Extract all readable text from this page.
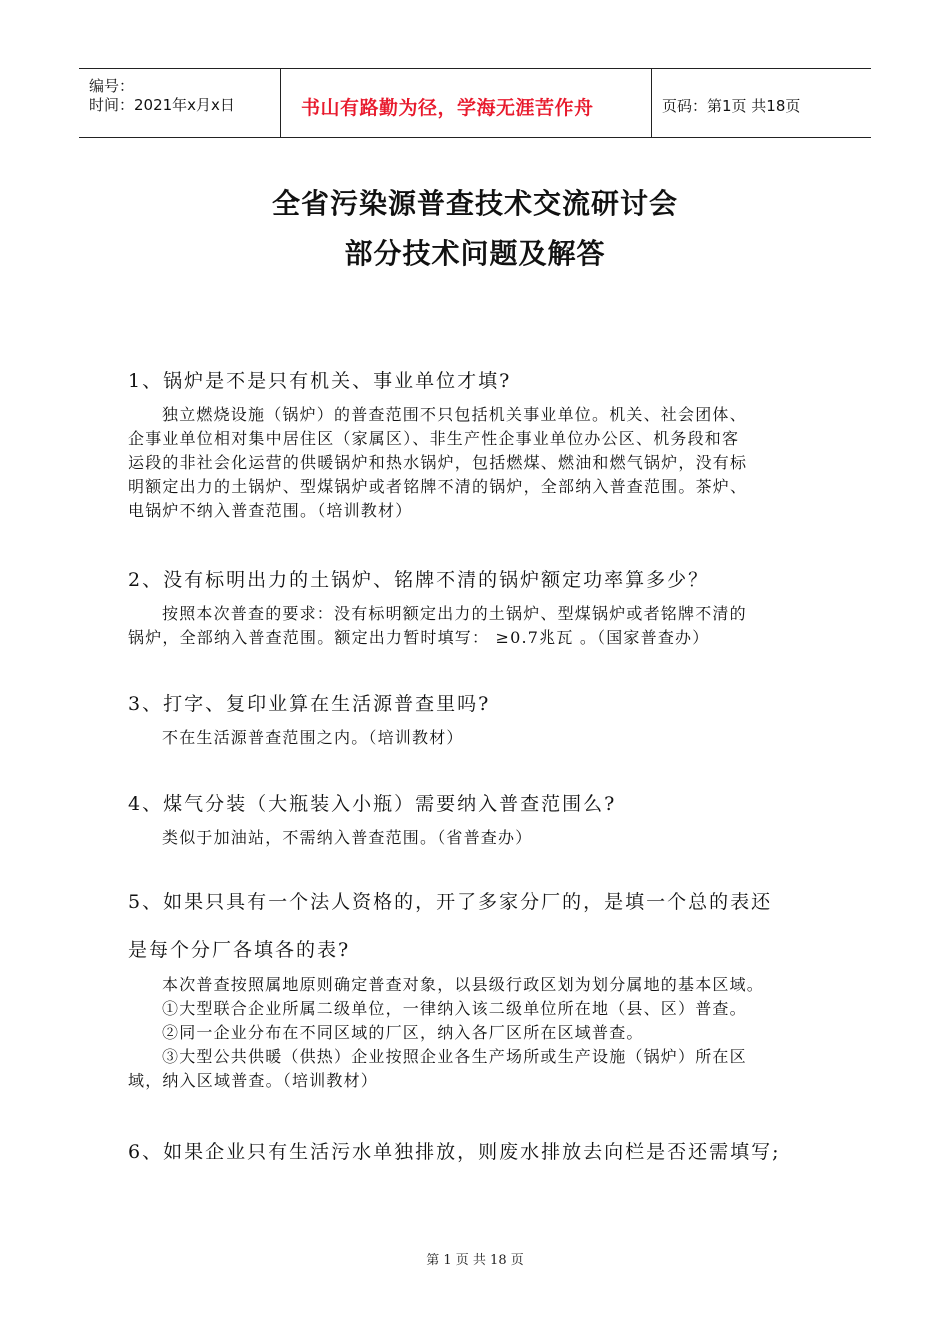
编号：
时间：2021年x月x日	书山有路勤为径，学海无涯苦作舟	页码：第1页 共18页
全省污染源普查技术交流研讨会
部分技术问题及解答
1、锅炉是不是只有机关、事业单位才填?

独立燃烧设施（锅炉）的普查范围不只包括机关事业单位。机关、社会团体、

企事业单位相对集中居住区（家属区）、非生产性企事业单位办公区、机务段和客

运段的非社会化运营的供暖锅炉和热水锅炉，包括燃煤、燃油和燃气锅炉，没有标

明额定出力的土锅炉、型煤锅炉或者铭牌不清的锅炉，全部纳入普查范围。茶炉、

电锅炉不纳入普查范围。（培训教材）

2、没有标明出力的土锅炉、铭牌不清的锅炉额定功率算多少？

按照本次普查的要求：没有标明额定出力的土锅炉、型煤锅炉或者铭牌不清的

锅炉，全部纳入普查范围。额定出力暂时填写： ≥0.7兆瓦 。（国家普查办）

3、打字、复印业算在生活源普查里吗?

不在生活源普查范围之内。（培训教材）

4、煤气分装（大瓶装入小瓶）需要纳入普查范围么?

类似于加油站，不需纳入普查范围。（省普查办）

5、如果只具有一个法人资格的，开了多家分厂的，是填一个总的表还
是每个分厂各填各的表?

本次普查按照属地原则确定普查对象，以县级行政区划为划分属地的基本区域。

①大型联合企业所属二级单位，一律纳入该二级单位所在地（县、区）普查。

②同一企业分布在不同区域的厂区，纳入各厂区所在区域普查。

③大型公共供暖（供热）企业按照企业各生产场所或生产设施（锅炉）所在区

域，纳入区域普查。（培训教材）

6、如果企业只有生活污水单独排放，则废水排放去向栏是否还需填写;
第 1 页 共 18 页
